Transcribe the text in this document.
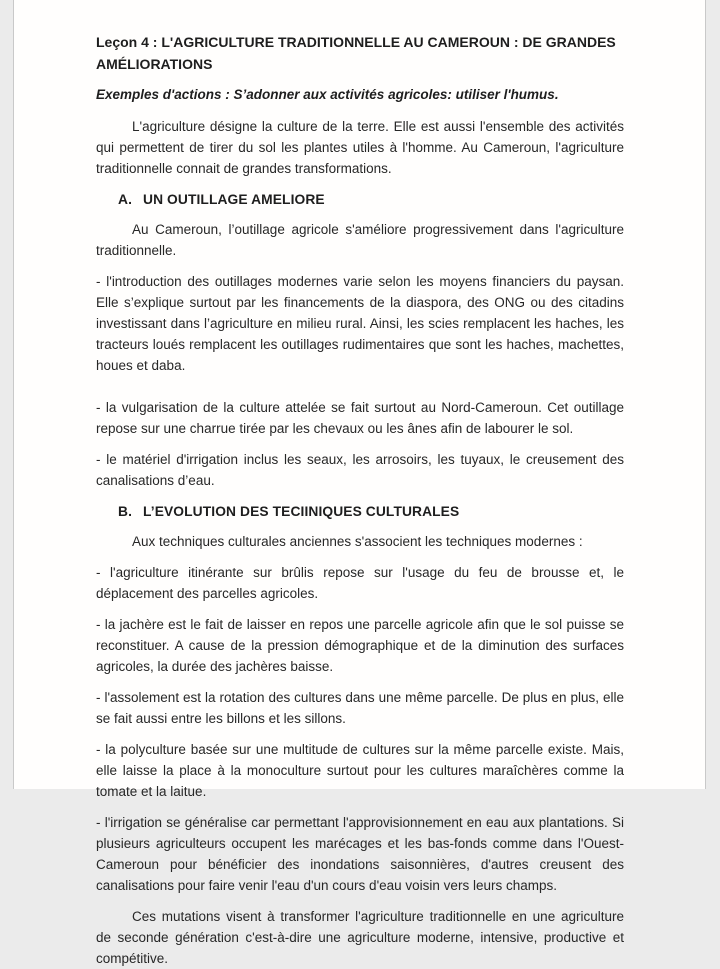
Leçon 4 : L'AGRICULTURE TRADITIONNELLE AU CAMEROUN : DE GRANDES AMÉLIORATIONS
Exemples d'actions : S’adonner aux activités agricoles: utiliser l'humus.

L'agriculture désigne la culture de la terre. Elle est aussi l'ensemble des activités qui permettent de tirer du sol les plantes utiles à l'homme. Au Cameroun, l'agriculture traditionnelle connait de grandes transformations.

A. UN OUTILLAGE AMELIORE

Au Cameroun, l’outillage agricole s'améliore progressivement dans l'agriculture traditionnelle.

- l'introduction des outillages modernes varie selon les moyens financiers du paysan. Elle s’explique surtout par les financements de la diaspora, des ONG ou des citadins investissant dans l’agriculture en milieu rural. Ainsi, les scies remplacent les haches, les tracteurs loués remplacent les outillages rudimentaires que sont les haches, machettes, houes et daba.

- la vulgarisation de la culture attelée se fait surtout au Nord-Cameroun. Cet outillage repose sur une charrue tirée par les chevaux ou les ânes afin de labourer le sol.

- le matériel d'irrigation inclus les seaux, les arrosoirs, les tuyaux, le creusement des canalisations d’eau.

B. L’EVOLUTION DES TECIINIQUES CULTURALES

Aux techniques culturales anciennes s'associent les techniques modernes :

- l'agriculture itinérante sur brûlis repose sur l'usage du feu de brousse et, le déplacement des parcelles agricoles.

- la jachère est le fait de laisser en repos une parcelle agricole afin que le sol puisse se reconstituer. A cause de la pression démographique et de la diminution des surfaces agricoles, la durée des jachères baisse.

- l'assolement est la rotation des cultures dans une même parcelle. De plus en plus, elle se fait aussi entre les billons et les sillons.

- la polyculture basée sur une multitude de cultures sur la même parcelle existe. Mais, elle laisse la place à la monoculture surtout pour les cultures maraîchères comme la tomate et la laitue.

- l'irrigation se généralise car permettant l'approvisionnement en eau aux plantations. Si plusieurs agriculteurs occupent les marécages et les bas-fonds comme dans l'Ouest-Cameroun pour bénéficier des inondations saisonnières, d'autres creusent des canalisations pour faire venir l'eau d'un cours d'eau voisin vers leurs champs.

Ces mutations visent à transformer l'agriculture traditionnelle en une agriculture de seconde génération c'est-à-dire une agriculture moderne, intensive, productive et compétitive.
